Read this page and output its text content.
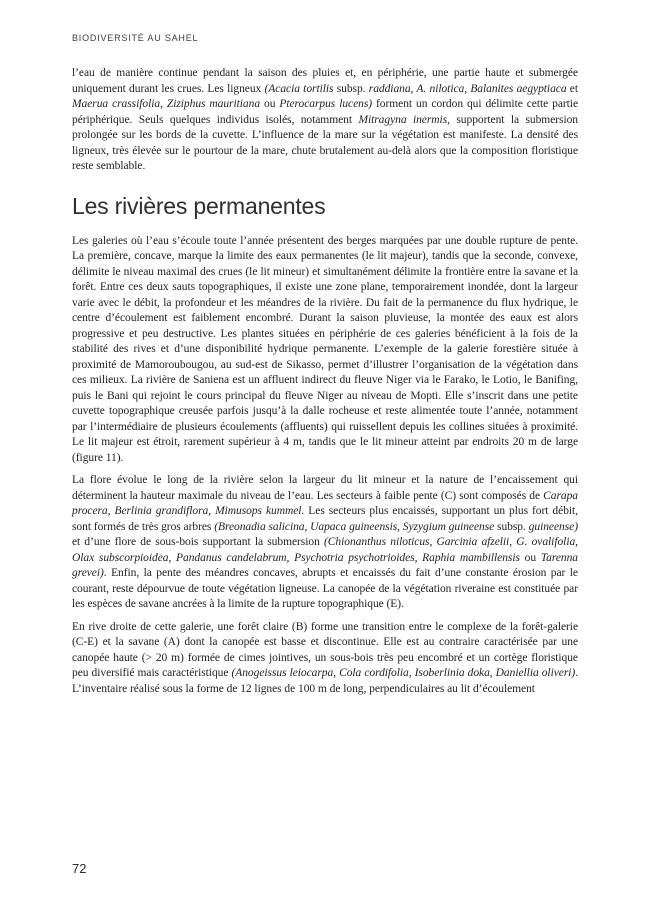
BIODIVERSITÉ AU SAHEL

l’eau de manière continue pendant la saison des pluies et, en périphérie, une partie haute et submergée uniquement durant les crues. Les ligneux (Acacia tortilis subsp. raddiana, A. nilotica, Balanites aegyptiaca et Maerua crassifolia, Ziziphus mauritiana ou Pterocarpus lucens) forment un cordon qui délimite cette partie périphérique. Seuls quelques individus isolés, notamment Mitragyna inermis, supportent la submersion prolongée sur les bords de la cuvette. L’influence de la mare sur la végétation est manifeste. La densité des ligneux, très élevée sur le pourtour de la mare, chute brutalement au-delà alors que la composition floristique reste semblable.

Les rivières permanentes

Les galeries où l’eau s’écoule toute l’année présentent des berges marquées par une double rupture de pente. La première, concave, marque la limite des eaux permanentes (le lit majeur), tandis que la seconde, convexe, délimite le niveau maximal des crues (le lit mineur) et simultanément délimite la frontière entre la savane et la forêt. Entre ces deux sauts topographiques, il existe une zone plane, temporairement inondée, dont la largeur varie avec le débit, la profondeur et les méandres de la rivière. Du fait de la permanence du flux hydrique, le centre d’écoulement est faiblement encombré. Durant la saison pluvieuse, la montée des eaux est alors progressive et peu destructive. Les plantes situées en périphérie de ces galeries bénéficient à la fois de la stabilité des rives et d’une disponibilité hydrique permanente. L’exemple de la galerie forestière située à proximité de Mamoroubougou, au sud-est de Sikasso, permet d’illustrer l’organisation de la végétation dans ces milieux. La rivière de Saniena est un affluent indirect du fleuve Niger via le Farako, le Lotio, le Banifing, puis le Bani qui rejoint le cours principal du fleuve Niger au niveau de Mopti. Elle s’inscrit dans une petite cuvette topographique creusée parfois jusqu’à la dalle rocheuse et reste alimentée toute l’année, notamment par l’intermédiaire de plusieurs écoulements (affluents) qui ruissellent depuis les collines situées à proximité. Le lit majeur est étroit, rarement supérieur à 4 m, tandis que le lit mineur atteint par endroits 20 m de large (figure 11).

La flore évolue le long de la rivière selon la largeur du lit mineur et la nature de l’encaissement qui déterminent la hauteur maximale du niveau de l’eau. Les secteurs à faible pente (C) sont composés de Carapa procera, Berlinia grandiflora, Mimusops kummel. Les secteurs plus encaissés, supportant un plus fort débit, sont formés de très gros arbres (Breonadia salicina, Uapaca guineensis, Syzygium guineense subsp. guineense) et d’une flore de sous-bois supportant la submersion (Chionanthus niloticus, Garcinia afzelii, G. ovalifolia, Olax subscorpioidea, Pandanus candelabrum, Psychotria psychotrioides, Raphia mambillensis ou Tarenna grevei). Enfin, la pente des méandres concaves, abrupts et encaissés du fait d’une constante érosion par le courant, reste dépourvue de toute végétation ligneuse. La canopée de la végétation riveraine est constituée par les espèces de savane ancrées à la limite de la rupture topographique (E).

En rive droite de cette galerie, une forêt claire (B) forme une transition entre le complexe de la forêt-galerie (C-E) et la savane (A) dont la canopée est basse et discontinue. Elle est au contraire caractérisée par une canopée haute (> 20 m) formée de cimes jointives, un sous-bois très peu encombré et un cortège floristique peu diversifié mais caractéristique (Anogeissus leiocarpa, Cola cordifolia, Isoberlinia doka, Daniellia oliveri). L’inventaire réalisé sous la forme de 12 lignes de 100 m de long, perpendiculaires au lit d’écoulement

72
